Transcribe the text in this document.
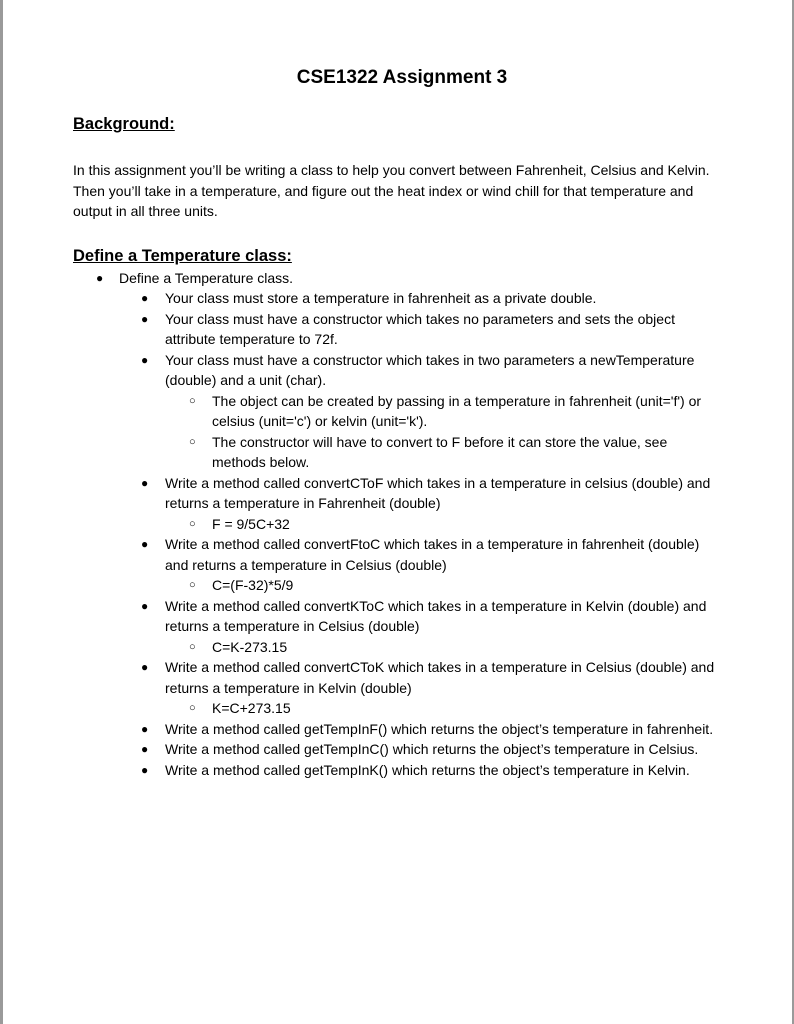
CSE1322 Assignment 3
Background:

In this assignment you’ll be writing a class to help you convert between Fahrenheit, Celsius and Kelvin. Then you’ll take in a temperature, and figure out the heat index or wind chill for that temperature and output in all three units.

Define a Temperature class:
● Define a Temperature class.
● Your class must store a temperature in fahrenheit as a private double.
● Your class must have a constructor which takes no parameters and sets the object attribute temperature to 72f.
● Your class must have a constructor which takes in two parameters a newTemperature (double) and a unit (char).
○ The object can be created by passing in a temperature in fahrenheit (unit='f') or celsius (unit='c') or kelvin (unit='k').
○ The constructor will have to convert to F before it can store the value, see methods below.
● Write a method called convertCToF which takes in a temperature in celsius (double) and returns a temperature in Fahrenheit (double)
○ F = 9/5C+32
● Write a method called convertFtoC which takes in a temperature in fahrenheit (double) and returns a temperature in Celsius (double)
○ C=(F-32)*5/9
● Write a method called convertKToC which takes in a temperature in Kelvin (double) and returns a temperature in Celsius (double)
○ C=K-273.15
● Write a method called convertCToK which takes in a temperature in Celsius (double) and returns a temperature in Kelvin (double)
○ K=C+273.15
● Write a method called getTempInF() which returns the object’s temperature in fahrenheit.
● Write a method called getTempInC() which returns the object’s temperature in Celsius.
● Write a method called getTempInK() which returns the object’s temperature in Kelvin.
